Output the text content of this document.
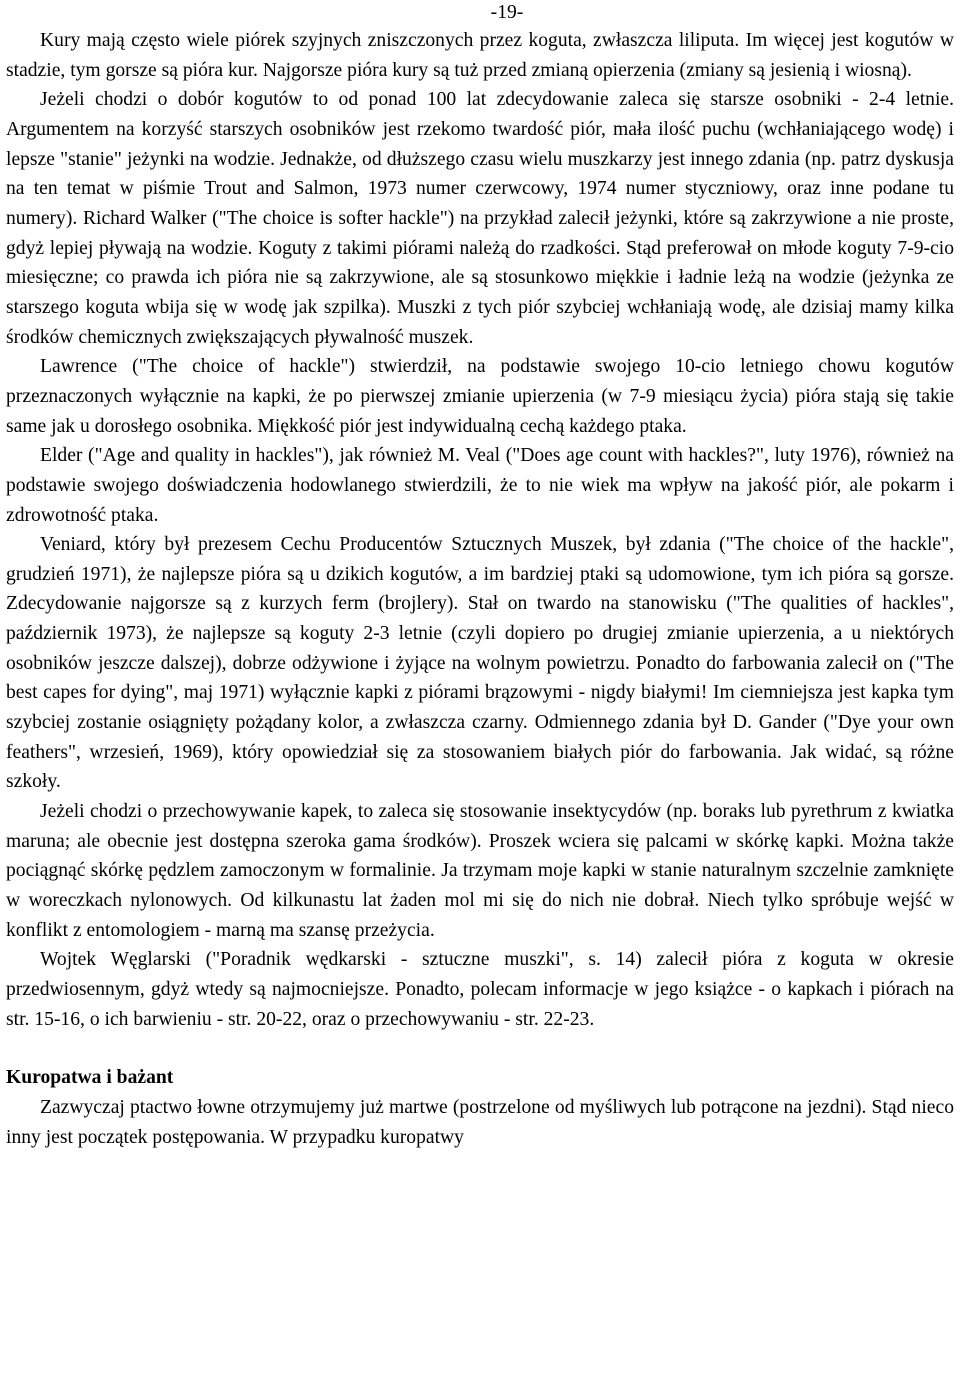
-19-

Kury mają często wiele piórek szyjnych zniszczonych przez koguta, zwłaszcza liliputa. Im więcej jest kogutów w stadzie, tym gorsze są pióra kur. Najgorsze pióra kury są tuż przed zmianą opierzenia (zmiany są jesienią i wiosną).

Jeżeli chodzi o dobór kogutów to od ponad 100 lat zdecydowanie zaleca się starsze osobniki - 2-4 letnie. Argumentem na korzyść starszych osobników jest rzekomo twardość piór, mała ilość puchu (wchłaniającego wodę) i lepsze "stanie" jeżynki na wodzie. Jednakże, od dłuższego czasu wielu muszkarzy jest innego zdania (np. patrz dyskusja na ten temat w piśmie Trout and Salmon, 1973 numer czerwcowy, 1974 numer styczniowy, oraz inne podane tu numery). Richard Walker ("The choice is softer hackle") na przykład zalecił jeżynki, które są zakrzywione a nie proste, gdyż lepiej pływają na wodzie. Koguty z takimi piórami należą do rzadkości. Stąd preferował on młode koguty 7-9-cio miesięczne; co prawda ich pióra nie są zakrzywione, ale są stosunkowo miękkie i ładnie leżą na wodzie (jeżynka ze starszego koguta wbija się w wodę jak szpilka). Muszki z tych piór szybciej wchłaniają wodę, ale dzisiaj mamy kilka środków chemicznych zwiększających pływalność muszek.

Lawrence ("The choice of hackle") stwierdził, na podstawie swojego 10-cio letniego chowu kogutów przeznaczonych wyłącznie na kapki, że po pierwszej zmianie upierzenia (w 7-9 miesiącu życia) pióra stają się takie same jak u dorosłego osobnika. Miękkość piór jest indywidualną cechą każdego ptaka.

Elder ("Age and quality in hackles"), jak również M. Veal ("Does age count with hackles?", luty 1976), również na podstawie swojego doświadczenia hodowlanego stwierdzili, że to nie wiek ma wpływ na jakość piór, ale pokarm i zdrowotność ptaka.

Veniard, który był prezesem Cechu Producentów Sztucznych Muszek, był zdania ("The choice of the hackle", grudzień 1971), że najlepsze pióra są u dzikich kogutów, a im bardziej ptaki są udomowione, tym ich pióra są gorsze. Zdecydowanie najgorsze są z kurzych ferm (brojlery). Stał on twardo na stanowisku ("The qualities of hackles", październik 1973), że najlepsze są koguty 2-3 letnie (czyli dopiero po drugiej zmianie upierzenia, a u niektórych osobników jeszcze dalszej), dobrze odżywione i żyjące na wolnym powietrzu. Ponadto do farbowania zalecił on ("The best capes for dying", maj 1971) wyłącznie kapki z piórami brązowymi - nigdy białymi! Im ciemniejsza jest kapka tym szybciej zostanie osiągnięty pożądany kolor, a zwłaszcza czarny. Odmiennego zdania był D. Gander ("Dye your own feathers", wrzesień, 1969), który opowiedział się za stosowaniem białych piór do farbowania. Jak widać, są różne szkoły.

Jeżeli chodzi o przechowywanie kapek, to zaleca się stosowanie insektycydów (np. boraks lub pyrethrum z kwiatka maruna; ale obecnie jest dostępna szeroka gama środków). Proszek wciera się palcami w skórkę kapki. Można także pociągnąć skórkę pędzlem zamoczonym w formalinie. Ja trzymam moje kapki w stanie naturalnym szczelnie zamknięte w woreczkach nylonowych. Od kilkunastu lat żaden mol mi się do nich nie dobrał. Niech tylko spróbuje wejść w konflikt z entomologiem - marną ma szansę przeżycia.

Wojtek Węglarski ("Poradnik wędkarski - sztuczne muszki", s. 14) zalecił pióra z koguta w okresie przedwiosennym, gdyż wtedy są najmocniejsze. Ponadto, polecam informacje w jego książce - o kapkach i piórach na str. 15-16, o ich barwieniu - str. 20-22, oraz o przechowywaniu - str. 22-23.

Kuropatwa i bażant

Zazwyczaj ptactwo łowne otrzymujemy już martwe (postrzelone od myśliwych lub potrącone na jezdni). Stąd nieco inny jest początek postępowania. W przypadku kuropatwy
